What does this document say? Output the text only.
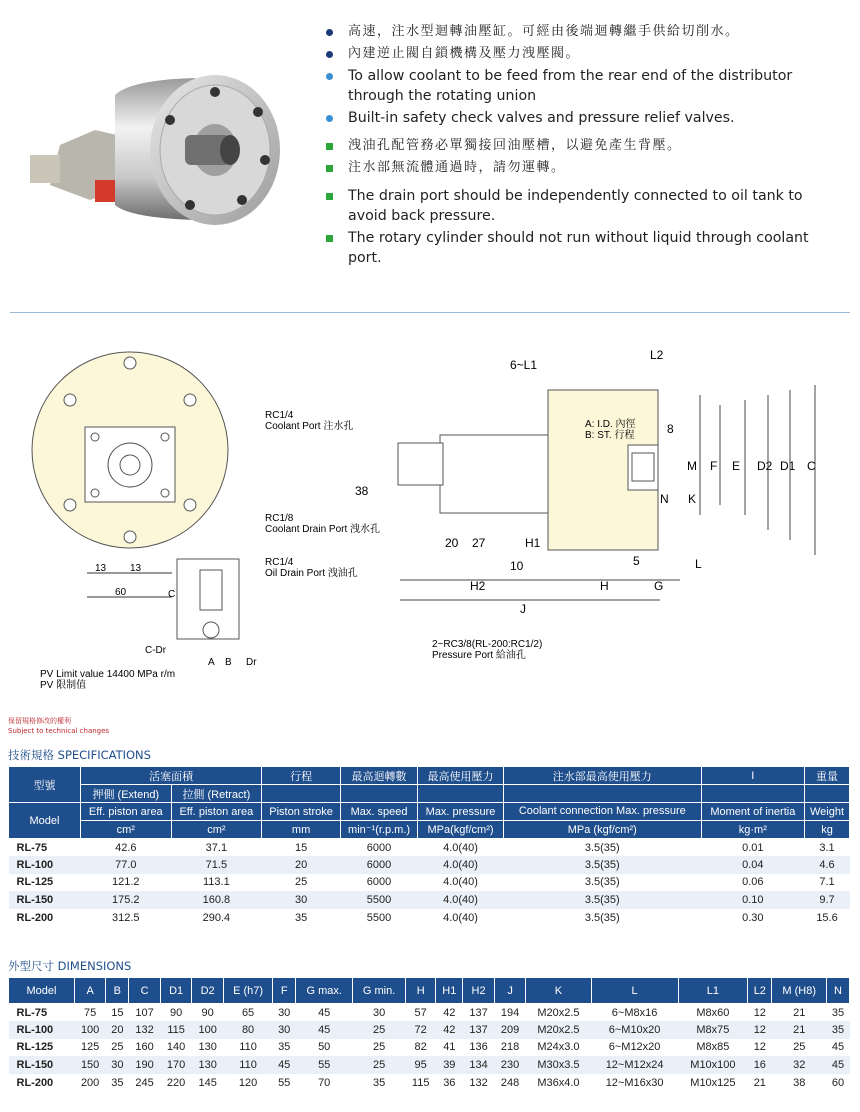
高速，注水型迴轉油壓缸。可經由後端迴轉繼手供給切削水。
內建逆止閥自鎖機構及壓力洩壓閥。
To allow coolant to be feed from the rear end of the distributor through the rotating union
Built-in safety check valves and pressure relief valves.
洩油孔配管務必單獨接回油壓槽，以避免產生背壓。
注水部無流體通過時，請勿運轉。
The drain port should be independently connected to oil tank to avoid back pressure.
The rotary cylinder should not run without liquid through coolant port.
13 13
60	C
C-Dr
A B Dr
RC1/4
Coolant Port 注水孔
RC1/8
Coolant Drain Port 洩水孔
RC1/4
Oil Drain Port 洩油孔
2~RC3/8(RL-200:RC1/2)
Pressure Port 給油孔
A: I.D. 內徑
B: ST. 行程
PV Limit value 14400 MPa r/m
PV 限制值
6~L1
L2
38
20 27	H1
10	5
8
M F E D2 D1 C
N K
L
H2	H	G
J
保留規格修改的權利
Subject to technical changes
技術規格 SPECIFICATIONS
型號	活塞面積		行程	最高迴轉數	最高使用壓力	注水部最高使用壓力	I	重量
	押側 (Extend)	拉側 (Retract)						
Model	Eff. piston area	Eff. piston area	Piston stroke	Max. speed	Max. pressure	Coolant connection Max. pressure	Moment of inertia	Weight
	cm²	cm²	mm	min⁻¹(r.p.m.)	MPa(kgf/cm²)	MPa (kgf/cm²)	kg·m²	kg
RL-75	42.6	37.1	15	6000	4.0(40)	3.5(35)	0.01	3.1
RL-100	77.0	71.5	20	6000	4.0(40)	3.5(35)	0.04	4.6
RL-125	121.2	113.1	25	6000	4.0(40)	3.5(35)	0.06	7.1
RL-150	175.2	160.8	30	5500	4.0(40)	3.5(35)	0.10	9.7
RL-200	312.5	290.4	35	5500	4.0(40)	3.5(35)	0.30	15.6
外型尺寸 DIMENSIONS
Model	A	B	C	D1	D2	E (h7)	F	G max.	G min.	H	H1	H2	J	K	L	L1	L2	M (H8)	N
RL-75	75	15	107	90	90	65	30	45	30	57	42	137	194	M20x2.5	6~M8x16	M8x60	12	21	35
RL-100	100	20	132	115	100	80	30	45	25	72	42	137	209	M20x2.5	6~M10x20	M8x75	12	21	35
RL-125	125	25	160	140	130	110	35	50	25	82	41	136	218	M24x3.0	6~M12x20	M8x85	12	25	45
RL-150	150	30	190	170	130	110	45	55	25	95	39	134	230	M30x3.5	12~M12x24	M10x100	16	32	45
RL-200	200	35	245	220	145	120	55	70	35	115	36	132	248	M36x4.0	12~M16x30	M10x125	21	38	60
